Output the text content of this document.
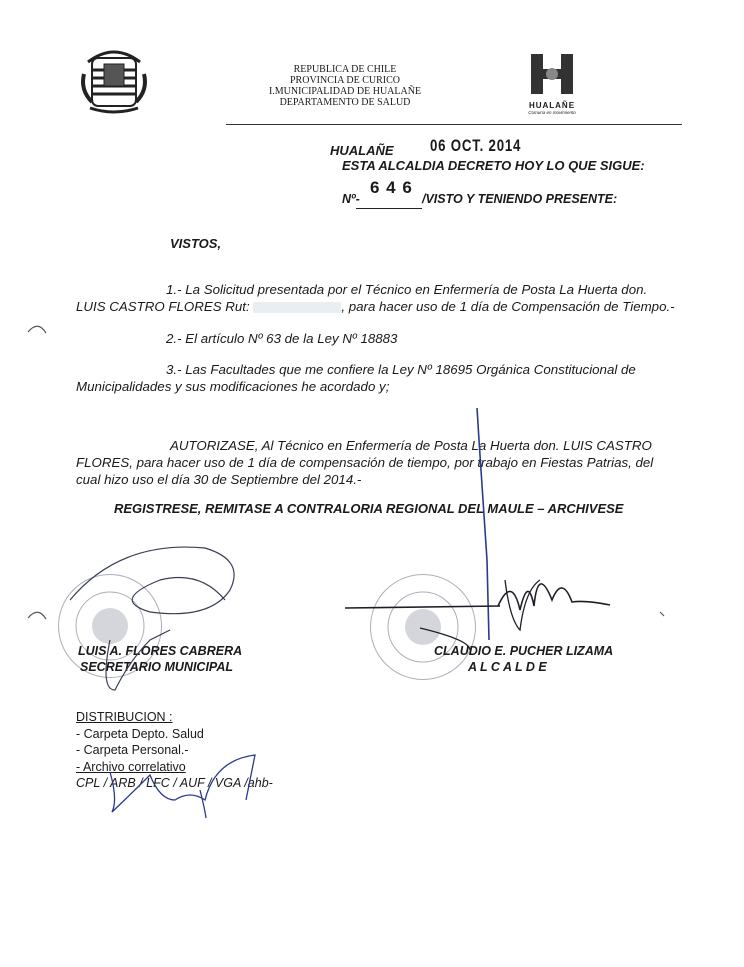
REPUBLICA DE CHILE
PROVINCIA DE CURICO
I.MUNICIPALIDAD DE HUALAÑE
DEPARTAMENTO DE SALUD	HUALAÑE
Comuna en movimiento
HUALAÑE 06 OCT. 2014
ESTA ALCALDIA DECRETO HOY LO QUE SIGUE:
Nº-
6 4 6
/VISTO Y TENIENDO PRESENTE:
VISTOS,
1.- La Solicitud presentada por el Técnico en Enfermería de Posta La Huerta don.
LUIS CASTRO FLORES Rut:	, para hacer uso de 1 día de Compensación de Tiempo.-
2.- El artículo Nº 63 de la Ley Nº 18883
3.- Las Facultades que me confiere la Ley Nº 18695 Orgánica Constitucional de
Municipalidades y sus modificaciones he acordado y;
AUTORIZASE, Al Técnico en Enfermería de Posta La Huerta don. LUIS CASTRO
FLORES, para hacer uso de 1 día de compensación de tiempo, por trabajo en Fiestas Patrias, del
cual hizo uso el día 30 de Septiembre del 2014.-
REGISTRESE, REMITASE A CONTRALORIA REGIONAL DEL MAULE – ARCHIVESE
LUIS A. FLORES CABRERA
SECRETARIO MUNICIPAL
CLAUDIO E. PUCHER LIZAMA
A L C A L D E
DISTRIBUCION :
- Carpeta Depto. Salud
- Carpeta Personal.-
- Archivo correlativo
CPL / ARB / LFC / AUF / VGA /ahb-
